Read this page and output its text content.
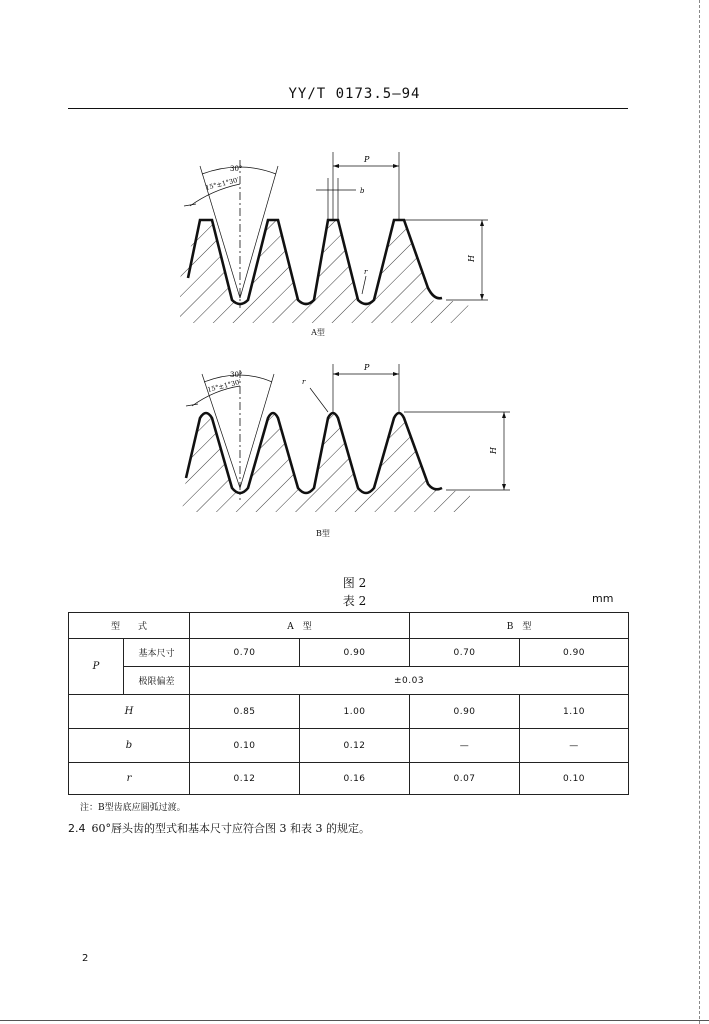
YY/T 0173.5—94
30°
15°±1°30′
P
b
H
r
A型
30°
15°±1°30′
P
r
H
B型
图 2
表 2	mm
型　　式		A　型		B　型	
P	基本尺寸	0.70	0.90	0.70	0.90
	极限偏差	±0.03			
H		0.85	1.00	0.90	1.10
b		0.10	0.12	—	—
r		0.12	0.16	0.07	0.10
注：B型齿底应圆弧过渡。
2.4 60°唇头齿的型式和基本尺寸应符合图 3 和表 3 的规定。
2
